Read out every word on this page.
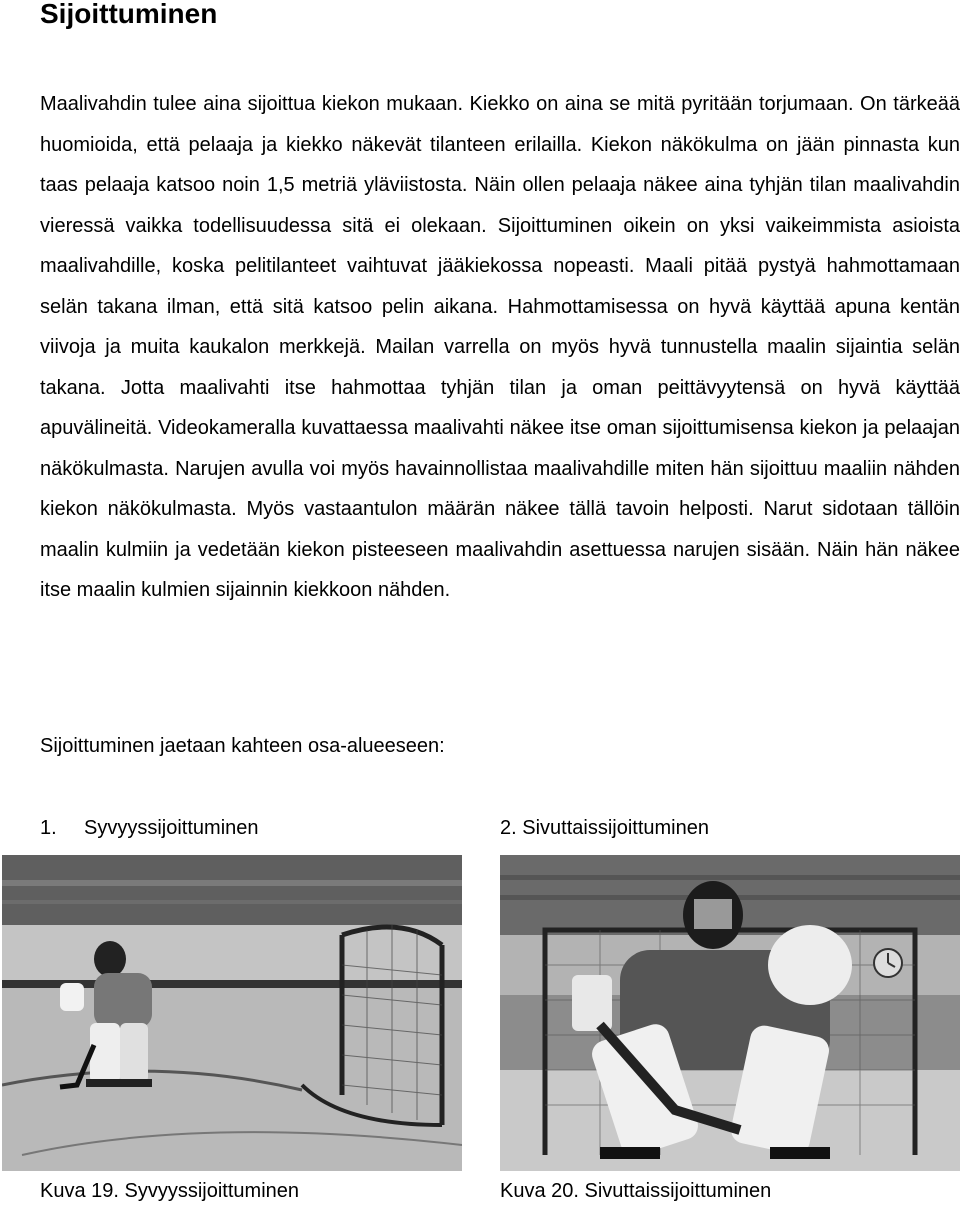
Sijoittuminen

Maalivahdin tulee aina sijoittua kiekon mukaan. Kiekko on aina se mitä pyritään torjumaan. On tärkeää huomioida, että pelaaja ja kiekko näkevät tilanteen erilailla. Kiekon näkökulma on jään pinnasta kun taas pelaaja katsoo noin 1,5 metriä yläviistosta. Näin ollen pelaaja näkee aina tyhjän tilan maalivahdin vieressä vaikka todellisuudessa sitä ei olekaan. Sijoittuminen oikein on yksi vaikeimmista asioista maalivahdille, koska pelitilanteet vaihtuvat jääkiekossa nopeasti. Maali pitää pystyä hahmottamaan selän takana ilman, että sitä katsoo pelin aikana. Hahmottamisessa on hyvä käyttää apuna kentän viivoja ja muita kaukalon merkkejä. Mailan varrella on myös hyvä tunnustella maalin sijaintia selän takana. Jotta maalivahti itse hahmottaa tyhjän tilan ja oman peittävyytensä on hyvä käyttää apuvälineitä. Videokameralla kuvattaessa maalivahti näkee itse oman sijoittumisensa kiekon ja pelaajan näkökulmasta. Narujen avulla voi myös havainnollistaa maalivahdille miten hän sijoittuu maaliin nähden kiekon näkökulmasta. Myös vastaantulon määrän näkee tällä tavoin helposti. Narut sidotaan tällöin maalin kulmiin ja vedetään kiekon pisteeseen maalivahdin asettuessa narujen sisään. Näin hän näkee itse maalin kulmien sijainnin kiekkoon nähden.

Sijoittuminen jaetaan kahteen osa-alueeseen:

1. Syvyyssijoittuminen	2. Sivuttaissijoittuminen
Kuva 19. Syvyyssijoittuminen	Kuva 20. Sivuttaissijoittuminen
